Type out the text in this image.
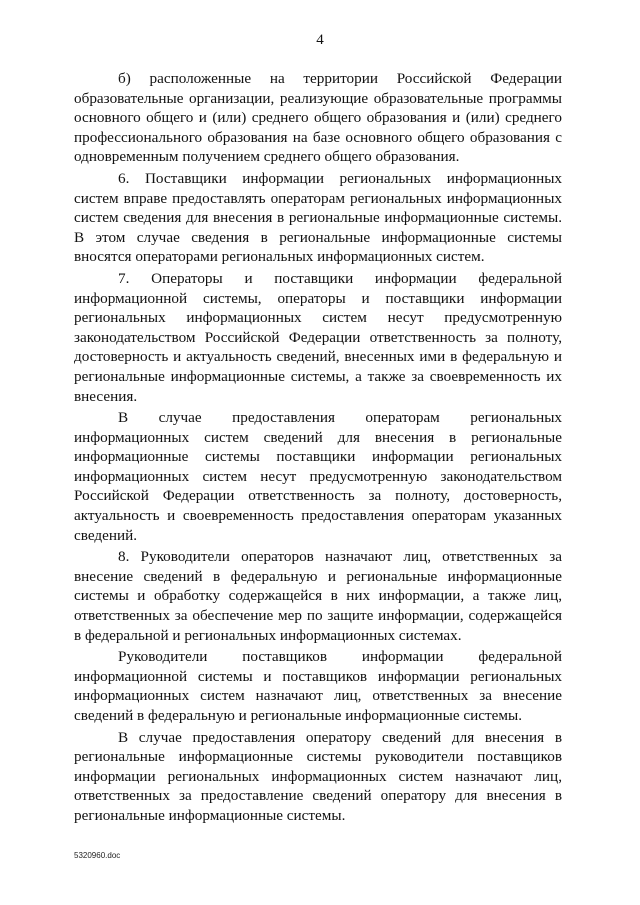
4

б) расположенные на территории Российской Федерации образовательные организации, реализующие образовательные программы основного общего и (или) среднего общего образования и (или) среднего профессионального образования на базе основного общего образования с одновременным получением среднего общего образования.

6. Поставщики информации региональных информационных систем вправе предоставлять операторам региональных информационных систем сведения для внесения в региональные информационные системы. В этом случае сведения в региональные информационные системы вносятся операторами региональных информационных систем.

7. Операторы и поставщики информации федеральной информационной системы, операторы и поставщики информации региональных информационных систем несут предусмотренную законодательством Российской Федерации ответственность за полноту, достоверность и актуальность сведений, внесенных ими в федеральную и региональные информационные системы, а также за своевременность их внесения.

В случае предоставления операторам региональных информационных систем сведений для внесения в региональные информационные системы поставщики информации региональных информационных систем несут предусмотренную законодательством Российской Федерации ответственность за полноту, достоверность, актуальность и своевременность предоставления операторам указанных сведений.

8. Руководители операторов назначают лиц, ответственных за внесение сведений в федеральную и региональные информационные системы и обработку содержащейся в них информации, а также лиц, ответственных за обеспечение мер по защите информации, содержащейся в федеральной и региональных информационных системах.

Руководители поставщиков информации федеральной информационной системы и поставщиков информации региональных информационных систем назначают лиц, ответственных за внесение сведений в федеральную и региональные информационные системы.

В случае предоставления оператору сведений для внесения в региональные информационные системы руководители поставщиков информации региональных информационных систем назначают лиц, ответственных за предоставление сведений оператору для внесения в региональные информационные системы.

5320960.doc
